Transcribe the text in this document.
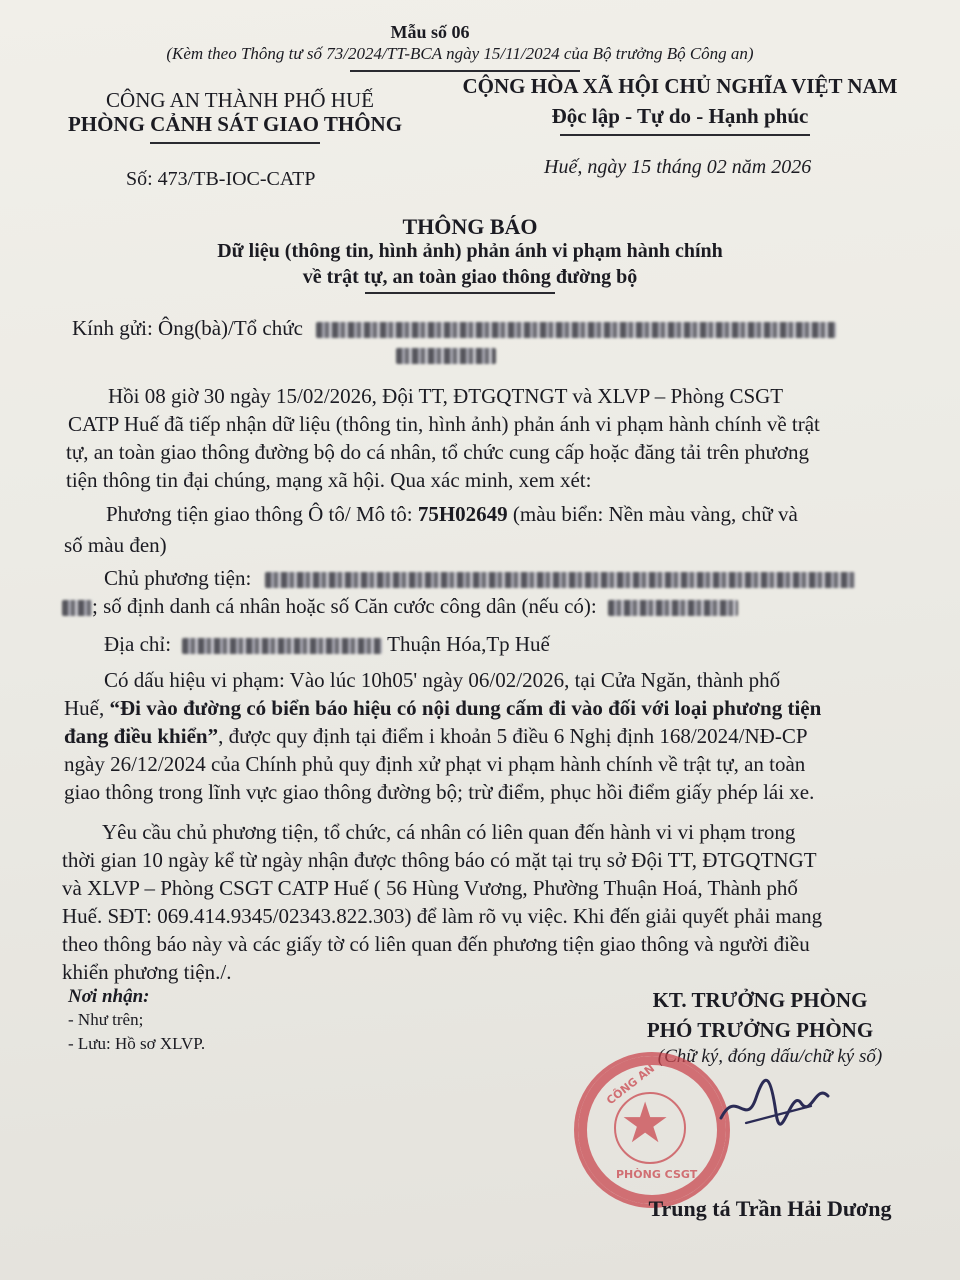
Mẫu số 06
(Kèm theo Thông tư số 73/2024/TT-BCA ngày 15/11/2024 của Bộ trưởng Bộ Công an)
CÔNG AN THÀNH PHỐ HUẾ
PHÒNG CẢNH SÁT GIAO THÔNG
CỘNG HÒA XÃ HỘI CHỦ NGHĨA VIỆT NAM
Độc lập - Tự do - Hạnh phúc
Số: 473/TB-IOC-CATP
Huế, ngày 15 tháng 02 năm 2026
THÔNG BÁO
Dữ liệu (thông tin, hình ảnh) phản ánh vi phạm hành chính
về trật tự, an toàn giao thông đường bộ
Kính gửi: Ông(bà)/Tổ chức
Hồi 08 giờ 30 ngày 15/02/2026, Đội TT, ĐTGQTNGT và XLVP – Phòng CSGT
CATP Huế đã tiếp nhận dữ liệu (thông tin, hình ảnh) phản ánh vi phạm hành chính về trật
tự, an toàn giao thông đường bộ do cá nhân, tổ chức cung cấp hoặc đăng tải trên phương
tiện thông tin đại chúng, mạng xã hội. Qua xác minh, xem xét:
Phương tiện giao thông Ô tô/ Mô tô: 75H02649 (màu biển: Nền màu vàng, chữ và
số màu đen)
Chủ phương tiện:
; số định danh cá nhân hoặc số Căn cước công dân (nếu có):
Địa chỉ:	Thuận Hóa,Tp Huế
Có dấu hiệu vi phạm: Vào lúc 10h05' ngày 06/02/2026, tại Cửa Ngăn, thành phố
Huế, “Đi vào đường có biển báo hiệu có nội dung cấm đi vào đối với loại phương tiện
đang điều khiển”, được quy định tại điểm i khoản 5 điều 6 Nghị định 168/2024/NĐ-CP
ngày 26/12/2024 của Chính phủ quy định xử phạt vi phạm hành chính về trật tự, an toàn
giao thông trong lĩnh vực giao thông đường bộ; trừ điểm, phục hồi điểm giấy phép lái xe.
Yêu cầu chủ phương tiện, tổ chức, cá nhân có liên quan đến hành vi vi phạm trong
thời gian 10 ngày kể từ ngày nhận được thông báo có mặt tại trụ sở Đội TT, ĐTGQTNGT
và XLVP – Phòng CSGT CATP Huế ( 56 Hùng Vương, Phường Thuận Hoá, Thành phố
Huế. SĐT: 069.414.9345/02343.822.303) để làm rõ vụ việc. Khi đến giải quyết phải mang
theo thông báo này và các giấy tờ có liên quan đến phương tiện giao thông và người điều
khiển phương tiện./.
Nơi nhận:
- Như trên;
- Lưu: Hồ sơ XLVP.
KT. TRƯỞNG PHÒNG
PHÓ TRƯỞNG PHÒNG
(Chữ ký, đóng dấu/chữ ký số)
★
CÔNG AN
PHÒNG CSGT
Trung tá Trần Hải Dương
